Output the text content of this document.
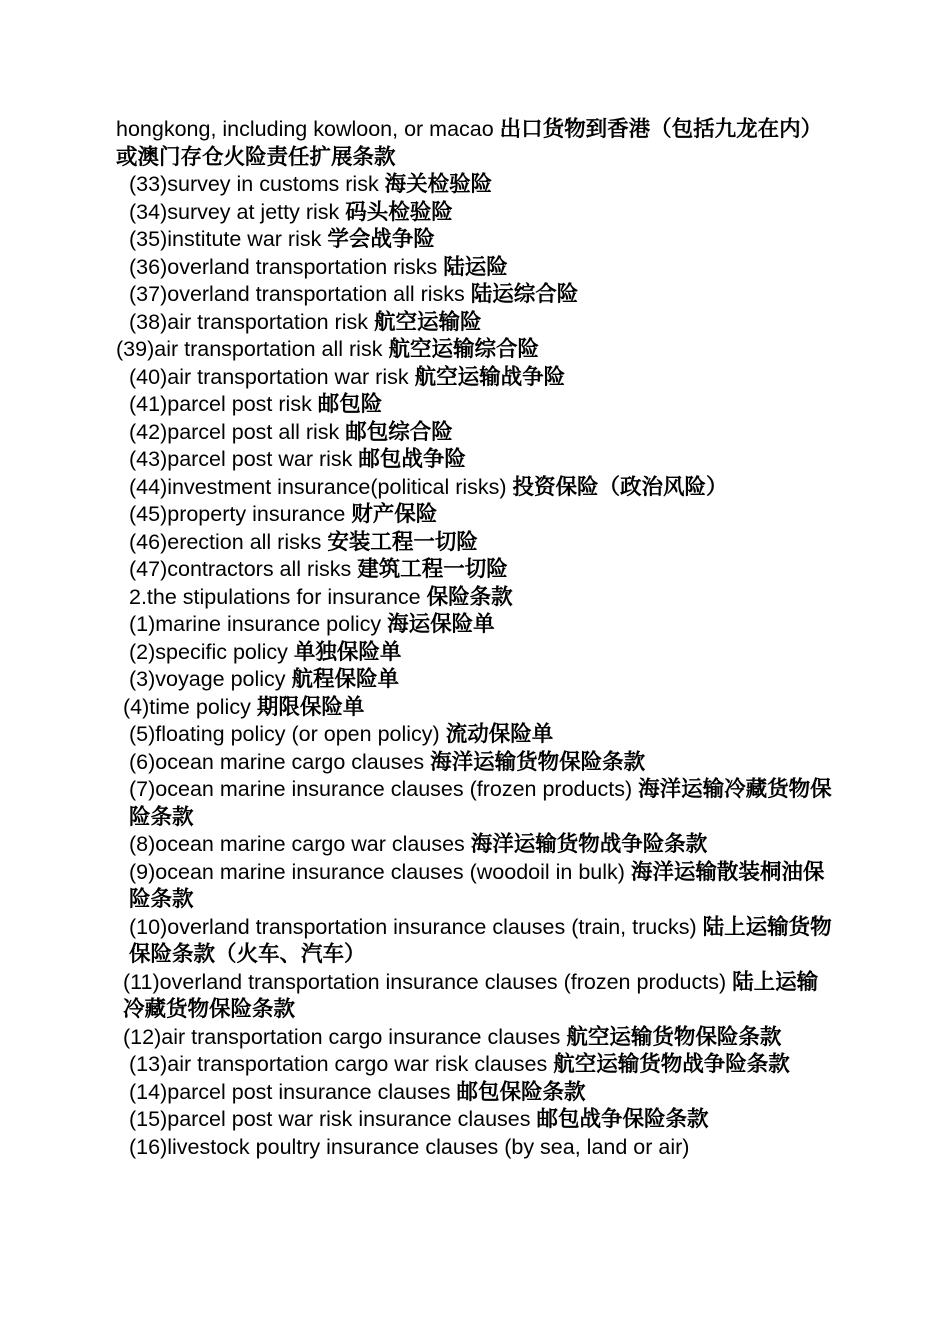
hongkong, including kowloon, or macao 出口货物到香港（包括九龙在内）或澳门存仓火险责任扩展条款

(33)survey in customs risk 海关检验险

(34)survey at jetty risk 码头检验险

(35)institute war risk 学会战争险

(36)overland transportation risks 陆运险

(37)overland transportation all risks 陆运综合险

(38)air transportation risk 航空运输险

(39)air transportation all risk 航空运输综合险

(40)air transportation war risk 航空运输战争险

(41)parcel post risk 邮包险

(42)parcel post all risk 邮包综合险

(43)parcel post war risk 邮包战争险

(44)investment insurance(political risks) 投资保险（政治风险）

(45)property insurance 财产保险

(46)erection all risks 安装工程一切险

(47)contractors all risks 建筑工程一切险

2.the stipulations for insurance 保险条款

(1)marine insurance policy 海运保险单

(2)specific policy 单独保险单

(3)voyage policy 航程保险单

(4)time policy 期限保险单

(5)floating policy (or open policy) 流动保险单

(6)ocean marine cargo clauses 海洋运输货物保险条款

(7)ocean marine insurance clauses (frozen products) 海洋运输冷藏货物保险条款

(8)ocean marine cargo war clauses 海洋运输货物战争险条款

(9)ocean marine insurance clauses (woodoil in bulk) 海洋运输散装桐油保险条款

(10)overland transportation insurance clauses (train, trucks) 陆上运输货物保险条款（火车、汽车）

(11)overland transportation insurance clauses (frozen products) 陆上运输冷藏货物保险条款

(12)air transportation cargo insurance clauses 航空运输货物保险条款

(13)air transportation cargo war risk clauses 航空运输货物战争险条款

(14)parcel post insurance clauses 邮包保险条款

(15)parcel post war risk insurance clauses 邮包战争保险条款

(16)livestock poultry insurance clauses (by sea, land or air)
